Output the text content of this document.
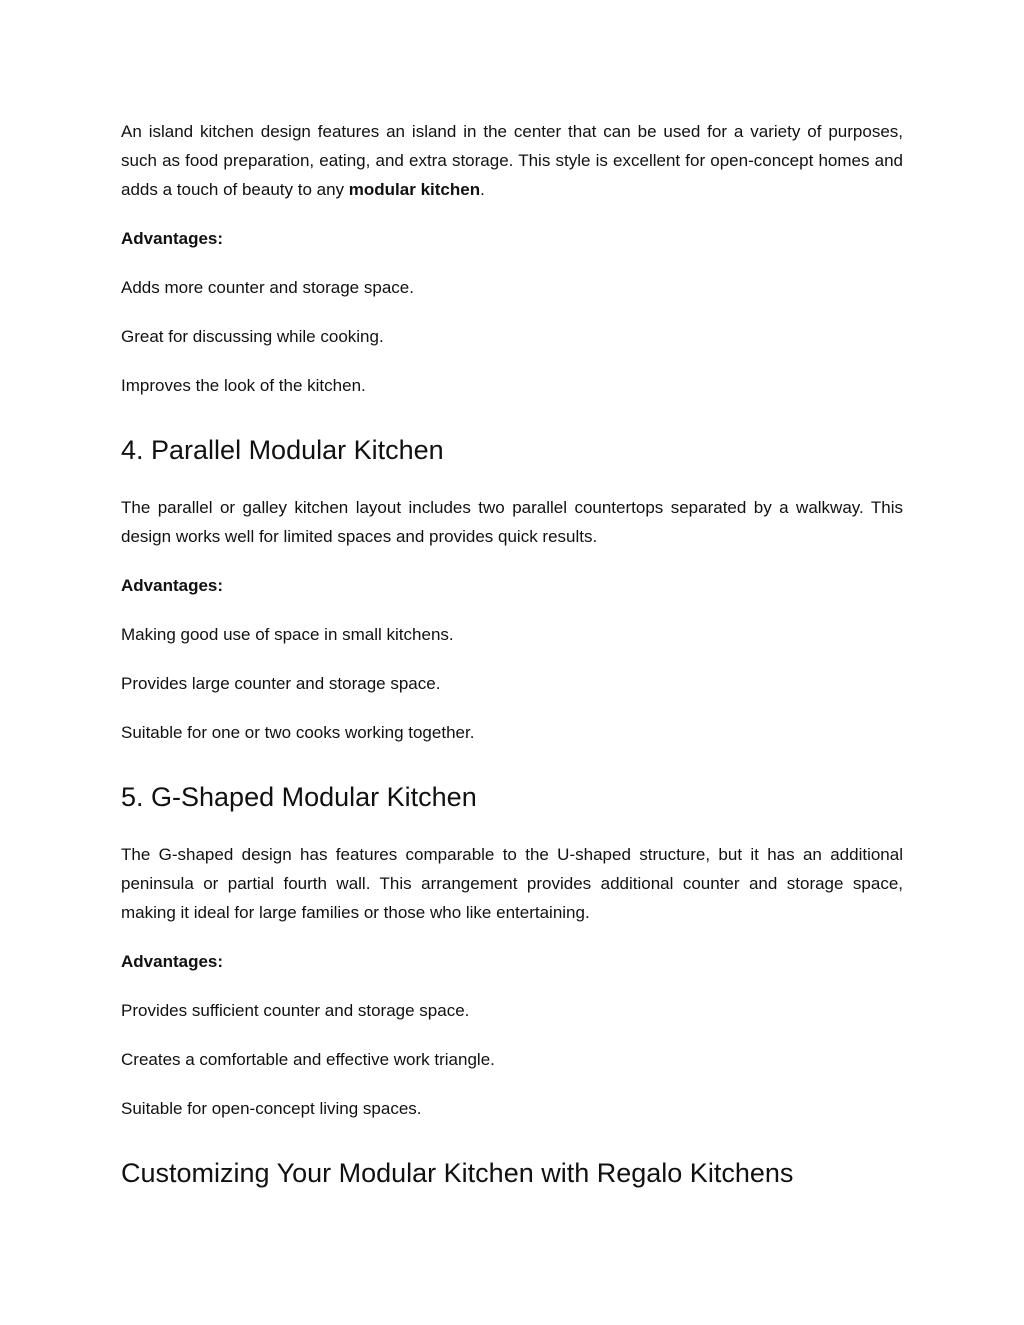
An island kitchen design features an island in the center that can be used for a variety of purposes, such as food preparation, eating, and extra storage. This style is excellent for open-concept homes and adds a touch of beauty to any modular kitchen.

Advantages:

Adds more counter and storage space.

Great for discussing while cooking.

Improves the look of the kitchen.

4. Parallel Modular Kitchen

The parallel or galley kitchen layout includes two parallel countertops separated by a walkway. This design works well for limited spaces and provides quick results.

Advantages:

Making good use of space in small kitchens.

Provides large counter and storage space.

Suitable for one or two cooks working together.

5. G-Shaped Modular Kitchen

The G-shaped design has features comparable to the U-shaped structure, but it has an additional peninsula or partial fourth wall. This arrangement provides additional counter and storage space, making it ideal for large families or those who like entertaining.

Advantages:

Provides sufficient counter and storage space.

Creates a comfortable and effective work triangle.

Suitable for open-concept living spaces.

Customizing Your Modular Kitchen with Regalo Kitchens
